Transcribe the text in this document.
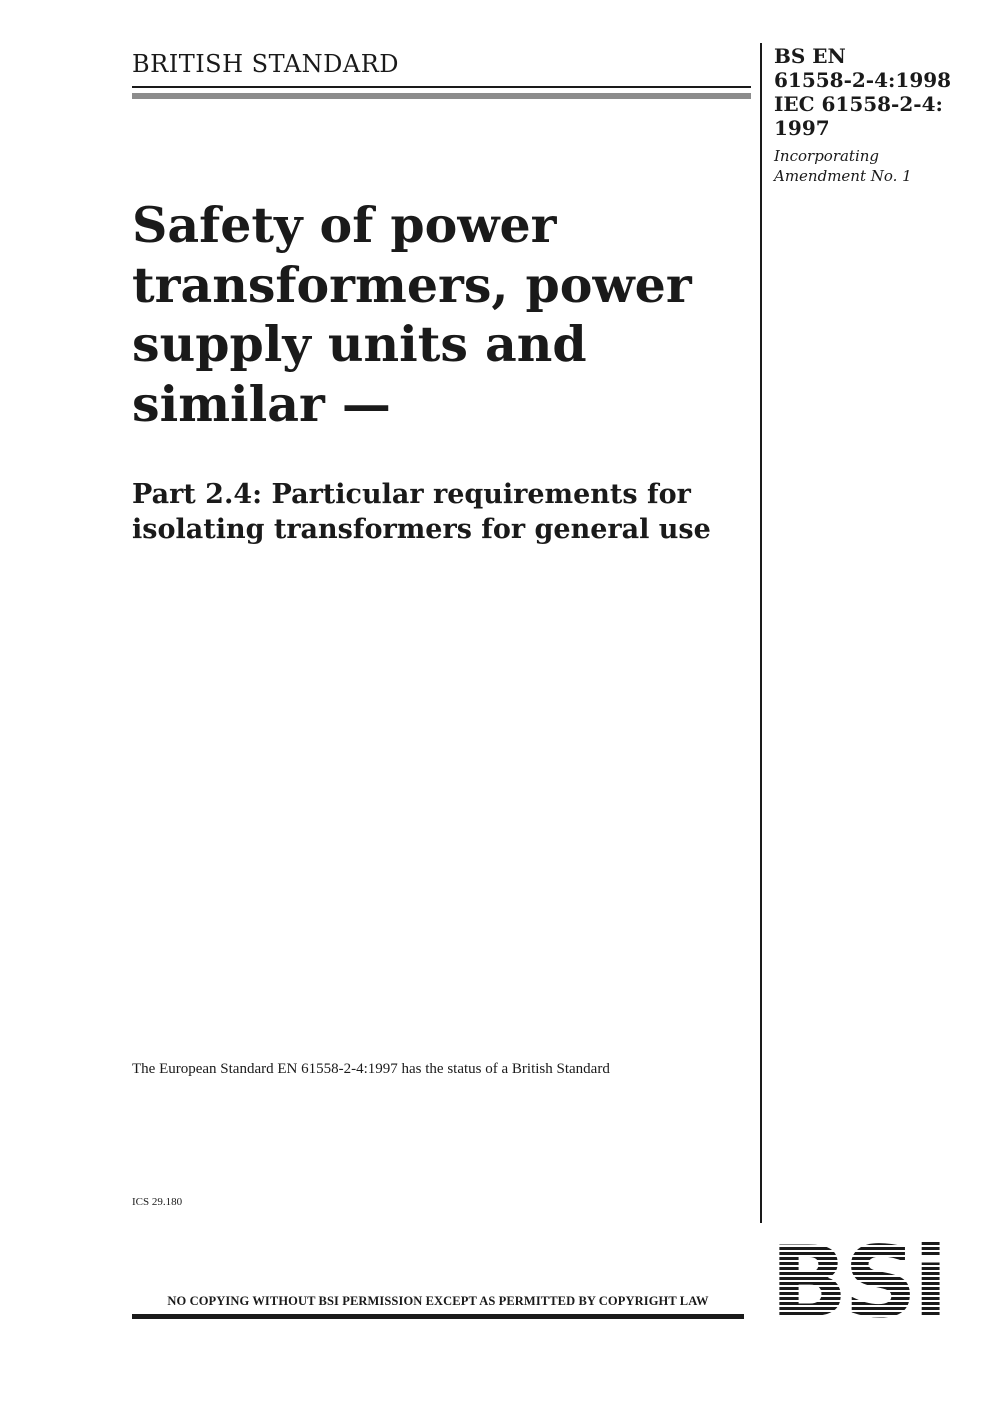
BRITISH STANDARD	BS EN
61558-2-4:1998
IEC 61558-2-4:
1997
Incorporating
Amendment No. 1
Safety of power transformers, power supply units and similar —
Part 2.4: Particular requirements for isolating transformers for general use
The European Standard EN 61558-2-4:1997 has the status of a British Standard
ICS 29.180
NO COPYING WITHOUT BSI PERMISSION EXCEPT AS PERMITTED BY COPYRIGHT LAW BSi
